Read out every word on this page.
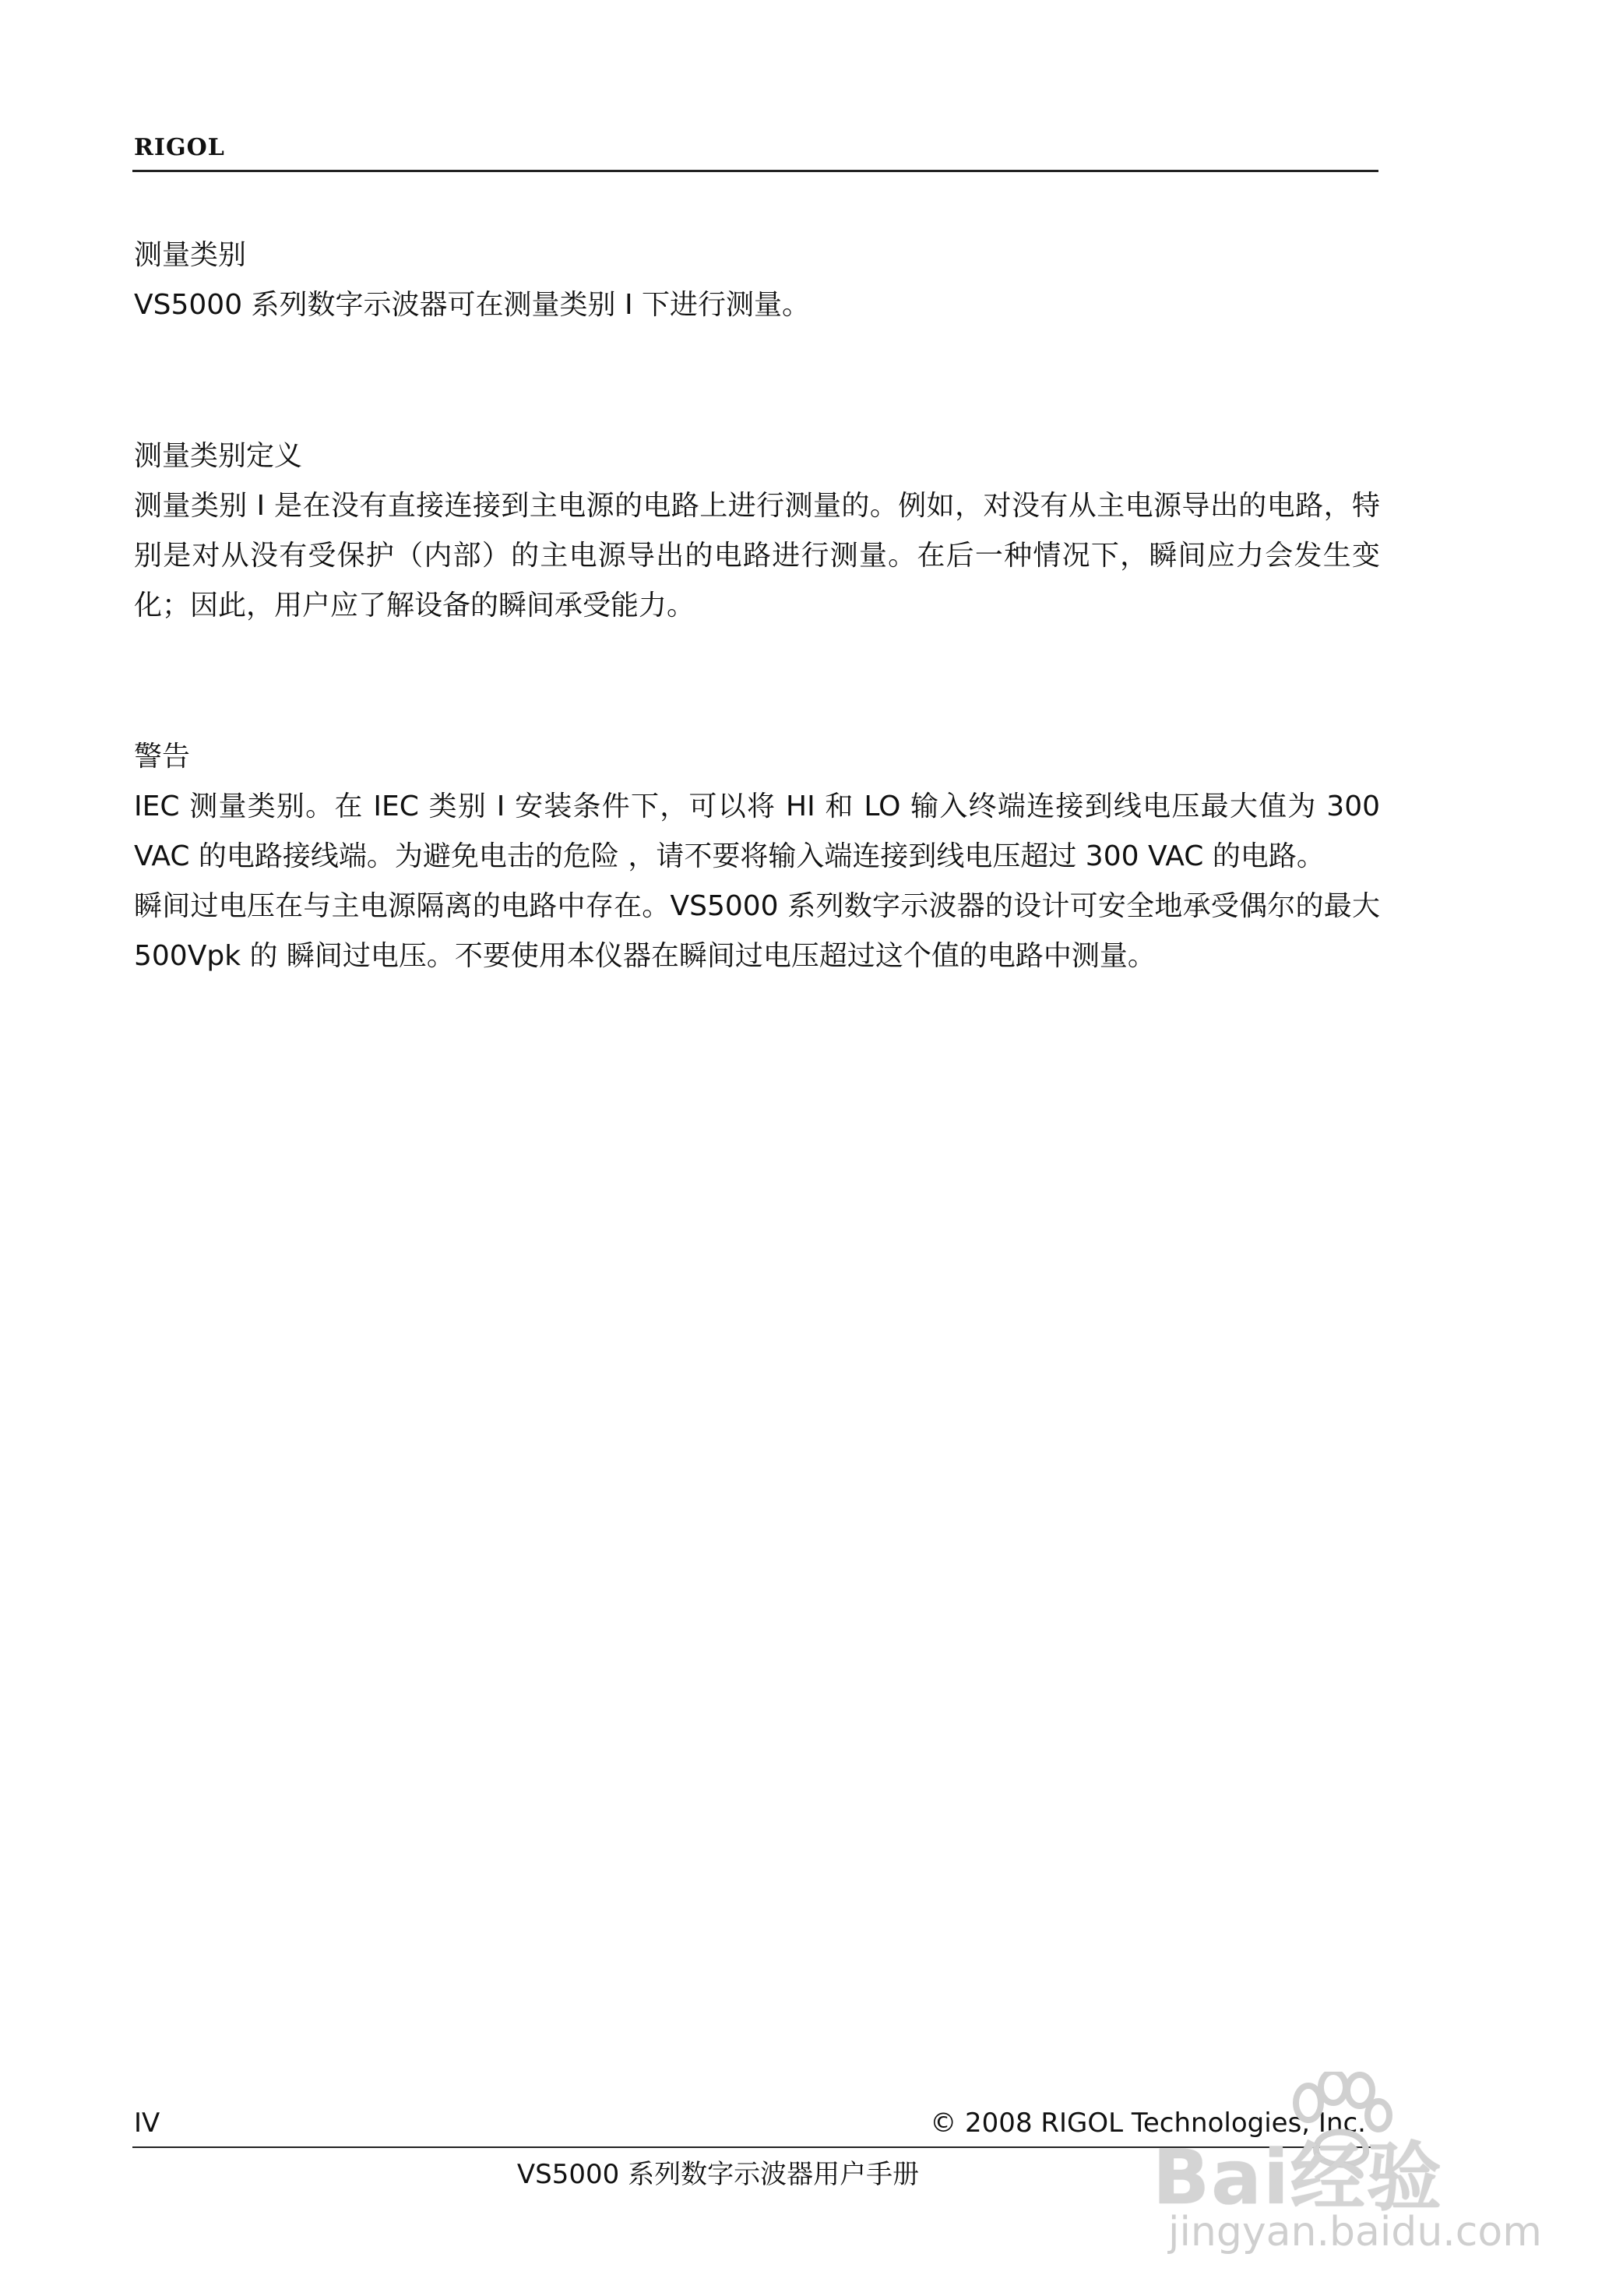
RIGOL
测量类别

VS5000 系列数字示波器可在测量类别 I 下进行测量。

测量类别定义

测量类别 I 是在没有直接连接到主电源的电路上进行测量的。例如，对没有从主电源导出的电路，特别是对从没有受保护（内部）的主电源导出的电路进行测量。在后一种情况下，瞬间应力会发生变化；因此，用户应了解设备的瞬间承受能力。

警告

IEC 测量类别。在 IEC 类别 I 安装条件下，可以将 HI 和 LO 输入终端连接到线电压最大值为 300 VAC 的电路接线端。为避免电击的危险 ，请不要将输入端连接到线电压超过 300 VAC 的电路。

瞬间过电压在与主电源隔离的电路中存在。VS5000 系列数字示波器的设计可安全地承受偶尔的最大 500Vpk 的 瞬间过电压。不要使用本仪器在瞬间过电压超过这个值的电路中测量。

IV	© 2008 RIGOL Technologies, Inc.
VS5000 系列数字示波器用户手册	Bai经验
jingyan.baidu.com
